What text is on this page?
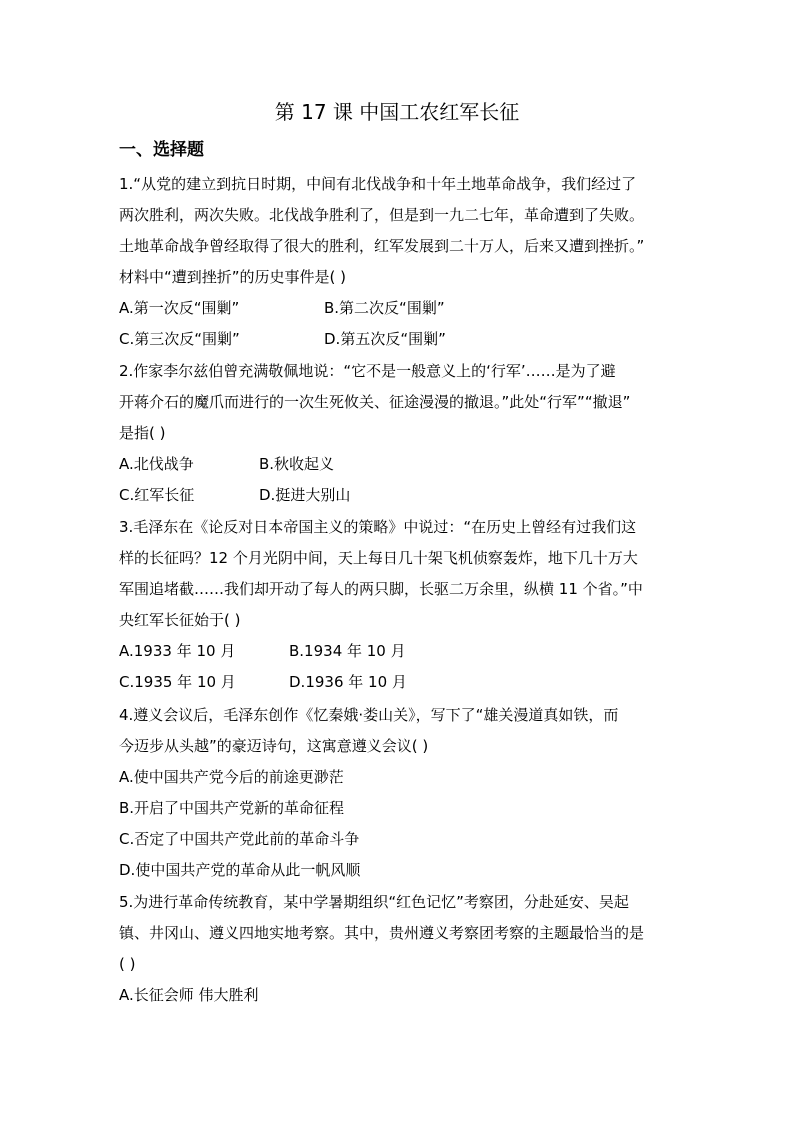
第 17 课 中国工农红军长征
一、选择题
1.“从党的建立到抗日时期，中间有北伐战争和十年土地革命战争，我们经过了
两次胜利，两次失败。北伐战争胜利了，但是到一九二七年，革命遭到了失败。
土地革命战争曾经取得了很大的胜利，红军发展到二十万人，后来又遭到挫折。”
材料中“遭到挫折”的历史事件是( )
A.第一次反“围剿”	B.第二次反“围剿”
C.第三次反“围剿”	D.第五次反“围剿”
2.作家李尔兹伯曾充满敬佩地说：“它不是一般意义上的‘行军’……是为了避
开蒋介石的魔爪而进行的一次生死攸关、征途漫漫的撤退。”此处“行军”“撤退”
是指( )
A.北伐战争	B.秋收起义
C.红军长征	D.挺进大别山
3.毛泽东在《论反对日本帝国主义的策略》中说过：“在历史上曾经有过我们这
样的长征吗？12 个月光阴中间，天上每日几十架飞机侦察轰炸，地下几十万大
军围追堵截……我们却开动了每人的两只脚，长驱二万余里，纵横 11 个省。”中
央红军长征始于( )
A.1933 年 10 月	B.1934 年 10 月
C.1935 年 10 月	D.1936 年 10 月
4.遵义会议后，毛泽东创作《忆秦娥·娄山关》，写下了“雄关漫道真如铁，而
今迈步从头越”的豪迈诗句，这寓意遵义会议( )
A.使中国共产党今后的前途更渺茫
B.开启了中国共产党新的革命征程
C.否定了中国共产党此前的革命斗争
D.使中国共产党的革命从此一帆风顺
5.为进行革命传统教育，某中学暑期组织“红色记忆”考察团，分赴延安、吴起
镇、井冈山、遵义四地实地考察。其中，贵州遵义考察团考察的主题最恰当的是
( )
A.长征会师 伟大胜利
